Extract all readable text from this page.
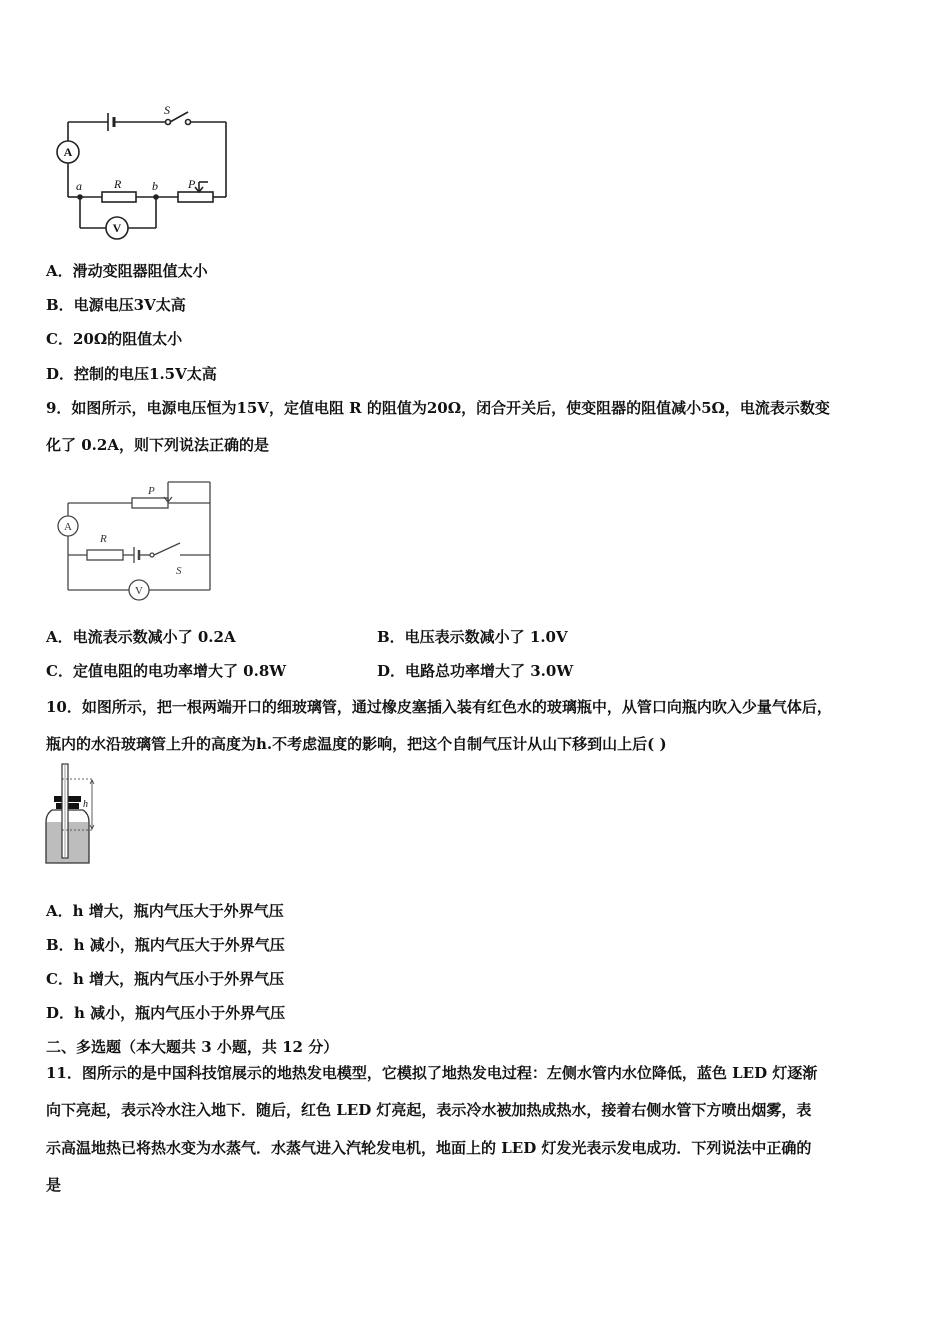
S
a	R	b	P
A
V
A．滑动变阻器阻值太小
B．电源电压3V太高
C．20Ω的阻值太小
D．控制的电压1.5V太高
9．如图所示，电源电压恒为15V，定值电阻 R 的阻值为20Ω，闭合开关后，使变阻器的阻值减小5Ω，电流表示数变
化了 0.2A，则下列说法正确的是
P
R
S
A
V
A．电流表示数减小了 0.2A	B．电压表示数减小了 1.0V
C．定值电阻的电功率增大了 0.8W	D．电路总功率增大了 3.0W
10．如图所示，把一根两端开口的细玻璃管，通过橡皮塞插入装有红色水的玻璃瓶中，从管口向瓶内吹入少量气体后，
瓶内的水沿玻璃管上升的高度为h.不考虑温度的影响，把这个自制气压计从山下移到山上后( )
h
A．h 增大，瓶内气压大于外界气压
B．h 减小，瓶内气压大于外界气压
C．h 增大，瓶内气压小于外界气压
D．h 减小，瓶内气压小于外界气压
二、多选题（本大题共 3 小题，共 12 分）
11．图所示的是中国科技馆展示的地热发电模型，它模拟了地热发电过程：左侧水管内水位降低，蓝色 LED 灯逐渐
向下亮起，表示冷水注入地下．随后，红色 LED 灯亮起，表示冷水被加热成热水，接着右侧水管下方喷出烟雾，表
示高温地热已将热水变为水蒸气．水蒸气进入汽轮发电机，地面上的 LED 灯发光表示发电成功．下列说法中正确的
是
